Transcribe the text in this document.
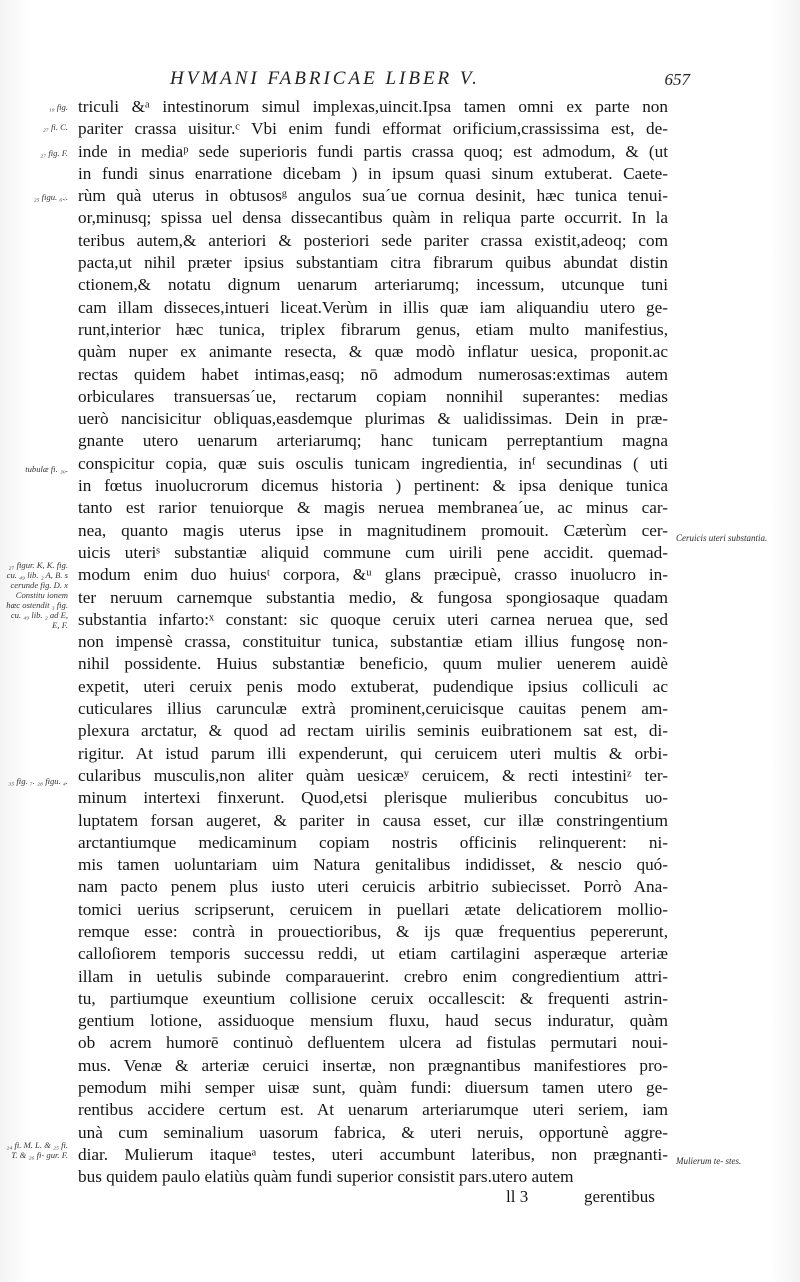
HVMANI FABRICAE LIBER V.	657
triculi &ᵃ intestinorum simul implexas,uincit.Ipsa tamen omni ex parte non
pariter crassa uisitur.ᶜ Vbi enim fundi efformat orificium,crassissima est, de-
inde in mediaᵖ sede superioris fundi partis crassa quoq; est admodum, & (ut
in fundi sinus enarratione dicebam ) in ipsum quasi sinum extuberat. Caete-
rùm quà uterus in obtusosᵍ angulos sua´ue cornua desinit, hæc tunica tenui-
or,minusq; spissa uel densa dissecantibus quàm in reliqua parte occurrit. In la
teribus autem,& anteriori & posteriori sede pariter crassa existit,adeoq; com
pacta,ut nihil præter ipsius substantiam citra fibrarum quibus abundat distin
ctionem,& notatu dignum uenarum arteriarumq; incessum, utcunque tuni
cam illam disseces,intueri liceat.Verùm in illis quæ iam aliquandiu utero ge-
runt,interior hæc tunica, triplex fibrarum genus, etiam multo manifestius,
quàm nuper ex animante resecta, & quæ modò inflatur uesica, proponit.ac
rectas quidem habet intimas,easq; nō admodum numerosas:extimas autem
orbiculares transuersas´ue, rectarum copiam nonnihil superantes: medias
uerò nancisicitur obliquas,easdemque plurimas & ualidissimas. Dein in præ-
gnante utero uenarum arteriarumq; hanc tunicam perreptantium magna
conspicitur copia, quæ suis osculis tunicam ingredientia, inᶠ secundinas ( uti
in fœtus inuolucrorum dicemus historia ) pertinent: & ipsa denique tunica
tanto est rarior tenuiorque & magis neruea membranea´ue, ac minus car-
nea, quanto magis uterus ipse in magnitudinem promouit. Cæterùm cer-
uicis uteriˢ substantiæ aliquid commune cum uirili pene accidit. quemad-
modum enim duo huiusᵗ corpora, &ᵘ glans præcipuè, crasso inuolucro in-
ter neruum carnemque substantia medio, & fungosa spongiosaque quadam
substantia infarto:ˣ constant: sic quoque ceruix uteri carnea neruea que, sed
non impensè crassa, constituitur tunica, substantiæ etiam illius fungosę non-
nihil possidente. Huius substantiæ beneficio, quum mulier uenerem auidè
expetit, uteri ceruix penis modo extuberat, pudendique ipsius colliculi ac
cuticulares illius carunculæ extrà prominent,ceruicisque cauitas penem am-
plexura arctatur, & quod ad rectam uirilis seminis euibrationem sat est, di-
rigitur. At istud parum illi expenderunt, qui ceruicem uteri multis & orbi-
cularibus musculis,non aliter quàm uesicæʸ ceruicem, & recti intestiniᶻ ter-
minum intertexi finxerunt. Quod,etsi plerisque mulieribus concubitus uo-
luptatem forsan augeret, & pariter in causa esset, cur illæ constringentium
arctantiumque medicaminum copiam nostris officinis relinquerent: ni-
mis tamen uoluntariam uim Natura genitalibus indidisset, & nescio quó-
nam pacto penem plus iusto uteri ceruicis arbitrio subiecisset. Porrò Ana-
tomici uerius scripserunt, ceruicem in puellari ætate delicatiorem mollio-
remque esse: contrà in prouectioribus, & ijs quæ frequentius pepererunt,
calloſiorem temporis successu reddi, ut etiam cartilagini asperæque arteriæ
illam in uetulis subinde comparauerint. crebro enim congredientium attri-
tu, partiumque exeuntium collisione ceruix occallescit: & frequenti astrin-
gentium lotione, assiduoque mensium fluxu, haud secus induratur, quàm
ob acrem humorē continuò defluentem ulcera ad fistulas permutari noui-
mus. Venæ & arteriæ ceruici insertæ, non prægnantibus manifestiores pro-
pemodum mihi semper uisæ sunt, quàm fundi: diuersum tamen utero ge-
rentibus accidere certum est. At uenarum arteriarumque uteri seriem, iam
unà cum seminalium uasorum fabrica, & uteri neruis, opportunè aggre-
diar. Mulierum itaqueᵃ testes, uteri accumbunt lateribus, non prægnanti-
bus quidem paulo elatiùs quàm fundi superior consistit pars.utero autem
₁₉ fig.
₂₇ fi. C.
₂₇ fig. F.
₂₅ figu. ₆.ᵢ.
tubulæ fi. ₃₀.
₂₇ figur. K, K. fig. cu. ₄₉ lib. ₂ A, B. s cerunde fig. D. x Constitu ionem hæc ostendit ₃ fig. cu. ₄₉ lib. ₂ ad E, E, F.
₃₅ fig. ₇. ₂₈ figu. ₄.
₂₄ fi. M. L. & ₂₅ fi. T. & ₂₆ fi- gur. F.
Ceruicis uteri substantia.
Mulierum te- stes.
ll 3	gerentibus
